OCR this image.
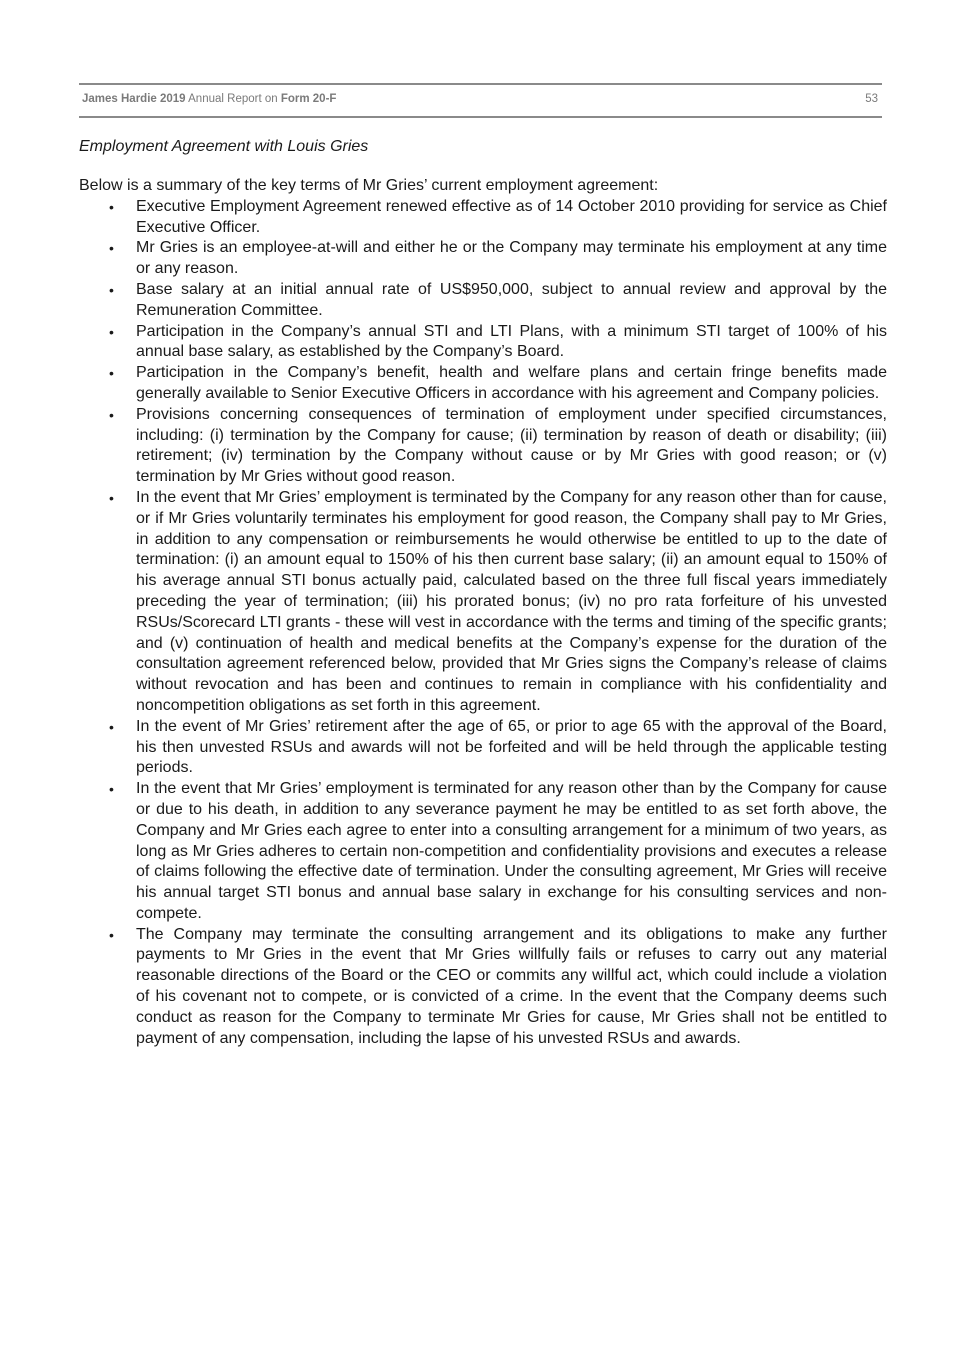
James Hardie 2019 Annual Report on Form 20-F	53

Employment Agreement with Louis Gries

Below is a summary of the key terms of Mr Gries’ current employment agreement:

• Executive Employment Agreement renewed effective as of 14 October 2010 providing for service as Chief Executive Officer.
• Mr Gries is an employee-at-will and either he or the Company may terminate his employment at any time or any reason.
• Base salary at an initial annual rate of US$950,000, subject to annual review and approval by the Remuneration Committee.
• Participation in the Company’s annual STI and LTI Plans, with a minimum STI target of 100% of his annual base salary, as established by the Company’s Board.
• Participation in the Company’s benefit, health and welfare plans and certain fringe benefits made generally available to Senior Executive Officers in accordance with his agreement and Company policies.
• Provisions concerning consequences of termination of employment under specified circumstances, including: (i) termination by the Company for cause; (ii) termination by reason of death or disability; (iii) retirement; (iv) termination by the Company without cause or by Mr Gries with good reason; or (v) termination by Mr Gries without good reason.
• In the event that Mr Gries’ employment is terminated by the Company for any reason other than for cause, or if Mr Gries voluntarily terminates his employment for good reason, the Company shall pay to Mr Gries, in addition to any compensation or reimbursements he would otherwise be entitled to up to the date of termination: (i) an amount equal to 150% of his then current base salary; (ii) an amount equal to 150% of his average annual STI bonus actually paid, calculated based on the three full fiscal years immediately preceding the year of termination; (iii) his prorated bonus; (iv) no pro rata forfeiture of his unvested RSUs/Scorecard LTI grants - these will vest in accordance with the terms and timing of the specific grants; and (v) continuation of health and medical benefits at the Company’s expense for the duration of the consultation agreement referenced below, provided that Mr Gries signs the Company’s release of claims without revocation and has been and continues to remain in compliance with his confidentiality and noncompetition obligations as set forth in this agreement.
• In the event of Mr Gries’ retirement after the age of 65, or prior to age 65 with the approval of the Board, his then unvested RSUs and awards will not be forfeited and will be held through the applicable testing periods.
• In the event that Mr Gries’ employment is terminated for any reason other than by the Company for cause or due to his death, in addition to any severance payment he may be entitled to as set forth above, the Company and Mr Gries each agree to enter into a consulting arrangement for a minimum of two years, as long as Mr Gries adheres to certain non-competition and confidentiality provisions and executes a release of claims following the effective date of termination. Under the consulting agreement, Mr Gries will receive his annual target STI bonus and annual base salary in exchange for his consulting services and non-compete.
• The Company may terminate the consulting arrangement and its obligations to make any further payments to Mr Gries in the event that Mr Gries willfully fails or refuses to carry out any material reasonable directions of the Board or the CEO or commits any willful act, which could include a violation of his covenant not to compete, or is convicted of a crime. In the event that the Company deems such conduct as reason for the Company to terminate Mr Gries for cause, Mr Gries shall not be entitled to payment of any compensation, including the lapse of his unvested RSUs and awards.
